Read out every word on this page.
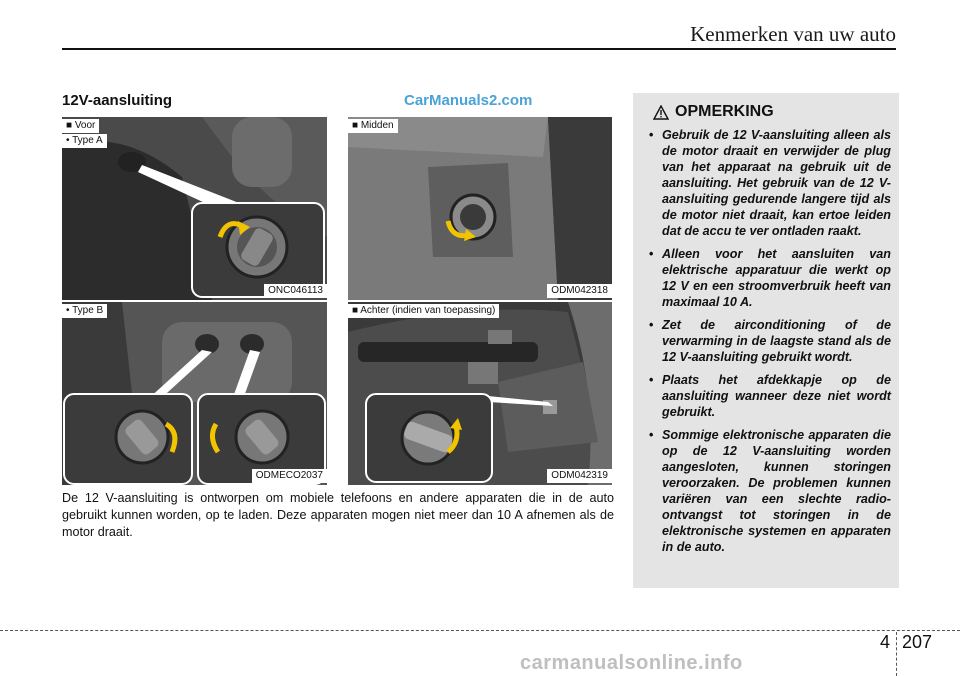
Kenmerken van uw auto
12V-aansluiting	CarManuals2.com
■ Voor
• Type A
ONC046113
• Type B
ODMECO2037
■ Midden
ODM042318
■ Achter (indien van toepassing)
ODM042319
De 12 V-aansluiting is ontworpen om mobiele telefoons en andere apparaten die in de auto gebruikt kunnen worden, op te laden. Deze apparaten mogen niet meer dan 10 A afnemen als de motor draait.
OPMERKING
• Gebruik de 12 V-aansluiting alleen als de motor draait en verwijder de plug van het apparaat na gebruik uit de aansluiting. Het gebruik van de 12 V-aansluiting gedurende langere tijd als de motor niet draait, kan ertoe leiden dat de accu te ver ontladen raakt.
• Alleen voor het aansluiten van elektrische apparatuur die werkt op 12 V en een stroomverbruik heeft van maximaal 10 A.
• Zet de airconditioning of de verwarming in de laagste stand als de 12 V-aansluiting gebruikt wordt.
• Plaats het afdekkapje op de aansluiting wanneer deze niet wordt gebruikt.
• Sommige elektronische apparaten die op de 12 V-aansluiting worden aangesloten, kunnen storingen veroorzaken. De problemen kunnen variëren van een slechte radio-ontvangst tot storingen in de elektronische systemen en apparaten in de auto.
4 207
carmanualsonline.info
